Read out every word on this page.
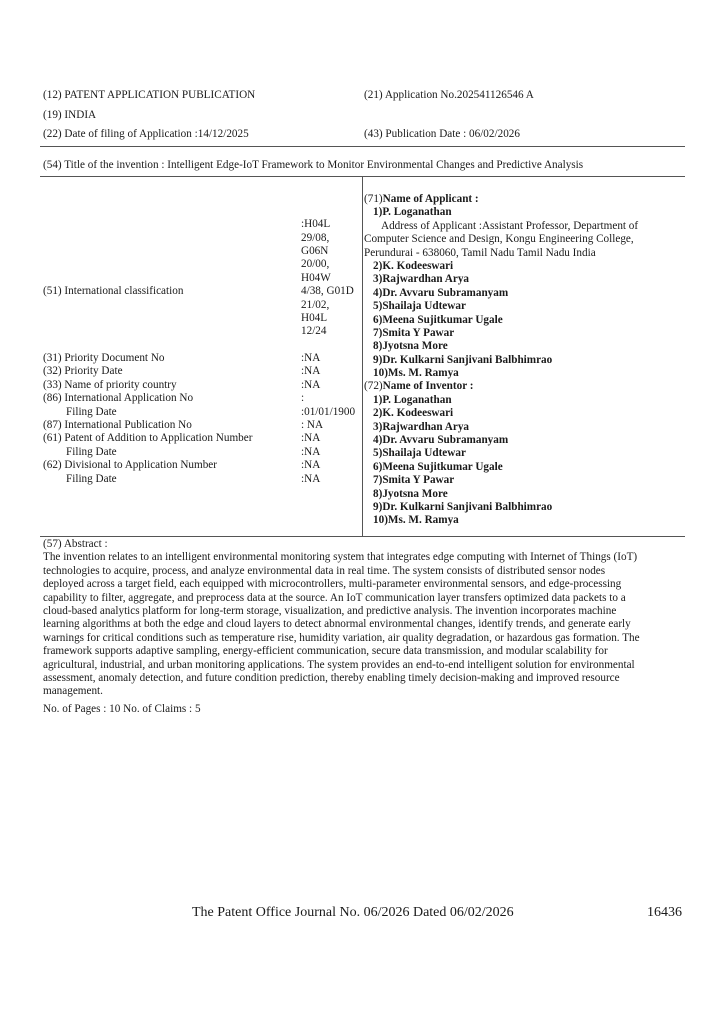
(12) PATENT APPLICATION PUBLICATION
(19) INDIA
(22) Date of filing of Application :14/12/2025
(21) Application No.202541126546 A
(43) Publication Date : 06/02/2026
(54) Title of the invention : Intelligent Edge-IoT Framework to Monitor Environmental Changes and Predictive Analysis
(51) International classification
(31) Priority Document No
(32) Priority Date
(33) Name of priority country
(86) International Application No
Filing Date
(87) International Publication No
(61) Patent of Addition to Application Number
Filing Date
(62) Divisional to Application Number
Filing Date
:H04L
29/08,
G06N
20/00,
H04W
4/38, G01D
21/02,
H04L
12/24
:NA
:NA
:NA
:
:01/01/1900
: NA
:NA
:NA
:NA
:NA
(71)Name of Applicant :
1)P. Loganathan
Address of Applicant :Assistant Professor, Department of
Computer Science and Design, Kongu Engineering College,
Perundurai - 638060, Tamil Nadu Tamil Nadu India
2)K. Kodeeswari
3)Rajwardhan Arya
4)Dr. Avvaru Subramanyam
5)Shailaja Udtewar
6)Meena Sujitkumar Ugale
7)Smita Y Pawar
8)Jyotsna More
9)Dr. Kulkarni Sanjivani Balbhimrao
10)Ms. M. Ramya
(72)Name of Inventor :
1)P. Loganathan
2)K. Kodeeswari
3)Rajwardhan Arya
4)Dr. Avvaru Subramanyam
5)Shailaja Udtewar
6)Meena Sujitkumar Ugale
7)Smita Y Pawar
8)Jyotsna More
9)Dr. Kulkarni Sanjivani Balbhimrao
10)Ms. M. Ramya
(57) Abstract :
The invention relates to an intelligent environmental monitoring system that integrates edge computing with Internet of Things (IoT)
technologies to acquire, process, and analyze environmental data in real time. The system consists of distributed sensor nodes
deployed across a target field, each equipped with microcontrollers, multi-parameter environmental sensors, and edge-processing
capability to filter, aggregate, and preprocess data at the source. An IoT communication layer transfers optimized data packets to a
cloud-based analytics platform for long-term storage, visualization, and predictive analysis. The invention incorporates machine
learning algorithms at both the edge and cloud layers to detect abnormal environmental changes, identify trends, and generate early
warnings for critical conditions such as temperature rise, humidity variation, air quality degradation, or hazardous gas formation. The
framework supports adaptive sampling, energy-efficient communication, secure data transmission, and modular scalability for
agricultural, industrial, and urban monitoring applications. The system provides an end-to-end intelligent solution for environmental
assessment, anomaly detection, and future condition prediction, thereby enabling timely decision-making and improved resource
management.
No. of Pages : 10 No. of Claims : 5
The Patent Office Journal No. 06/2026 Dated 06/02/2026	16436
